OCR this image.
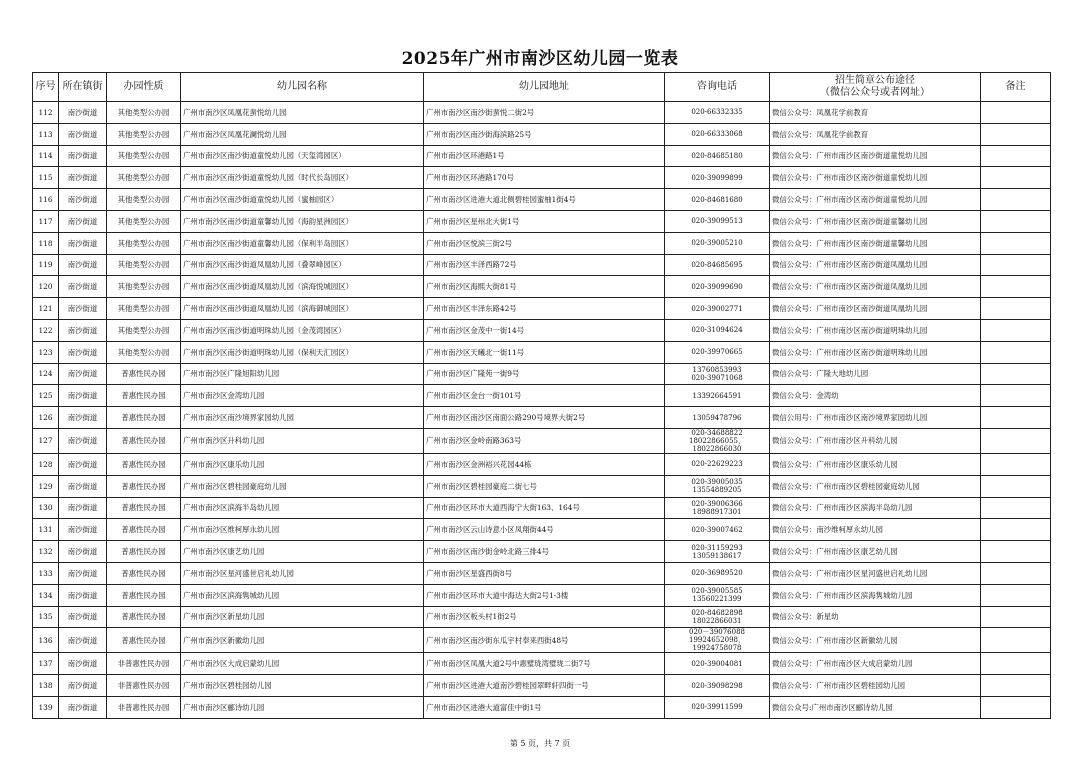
2025年广州市南沙区幼儿园一览表
序号	所在镇街	办园性质	幼儿园名称	幼儿园地址	咨询电话	招生简章公布途径
（微信公众号或者网址）	备注
112	南沙街道	其他类型公办园	广州市南沙区凤凰花蜚悦幼儿园	广州市南沙区南沙街蜚悦二街2号	020-66332335	微信公众号：凤凰花学前教育	
113	南沙街道	其他类型公办园	广州市南沙区凤凰花澜悦幼儿园	广州市南沙区南沙街海滨路25号	020-66333068	微信公众号：凤凰花学前教育	
114	南沙街道	其他类型公办园	广州市南沙区南沙街道童悦幼儿园（天玺湾园区）	广州市南沙区环港路1号	020-84685180	微信公众号：广州市南沙区南沙街道童悦幼儿园	
115	南沙街道	其他类型公办园	广州市南沙区南沙街道童悦幼儿园（时代长岛园区）	广州市南沙区环港路170号	020-39099899	微信公众号：广州市南沙区南沙街道童悦幼儿园	
116	南沙街道	其他类型公办园	广州市南沙区南沙街道童悦幼儿园（蜜柚园区）	广州市南沙区进港大道北侧碧桂园蜜柚1街4号	020-84681680	微信公众号：广州市南沙区南沙街道童悦幼儿园	
117	南沙街道	其他类型公办园	广州市南沙区南沙街道童馨幼儿园（海韵星洲园区）	广州市南沙区星州北大街1号	020-39099513	微信公众号：广州市南沙区南沙街道童馨幼儿园	
118	南沙街道	其他类型公办园	广州市南沙区南沙街道童馨幼儿园（保利半岛园区）	广州市南沙区悦滨三街2号	020-39005210	微信公众号：广州市南沙区南沙街道童馨幼儿园	
119	南沙街道	其他类型公办园	广州市南沙区南沙街道凤凰幼儿园（叠翠峰园区）	广州市南沙区丰泽西路72号	020-84685695	微信公众号：广州市南沙区南沙街道凤凰幼儿园	
120	南沙街道	其他类型公办园	广州市南沙区南沙街道凤凰幼儿园（滨海悦城园区）	广州市南沙区海熙大街81号	020-39099690	微信公众号：广州市南沙区南沙街道凤凰幼儿园	
121	南沙街道	其他类型公办园	广州市南沙区南沙街道凤凰幼儿园（滨海御城园区）	广州市南沙区丰泽东路42号	020-39002771	微信公众号：广州市南沙区南沙街道凤凰幼儿园	
122	南沙街道	其他类型公办园	广州市南沙区南沙街道明珠幼儿园（金茂湾园区）	广州市南沙区金茂中一街14号	020-31094624	微信公众号：广州市南沙区南沙街道明珠幼儿园	
123	南沙街道	其他类型公办园	广州市南沙区南沙街道明珠幼儿园（保利天汇园区）	广州市南沙区天曦北一街11号	020-39970665	微信公众号：广州市南沙区南沙街道明珠幼儿园	
124	南沙街道	普惠性民办园	广州市南沙区广隆旭阳幼儿园	广州市南沙区广隆苑一街9号	13760853993
020-39071068	微信公众号：广隆大地幼儿园	
125	南沙街道	普惠性民办园	广州市南沙区金湾幼儿园	广州市南沙区金台一街101号	13392664591	微信公众号：金湾幼	
126	南沙街道	普惠性民办园	广州市南沙区南沙境界家园幼儿园	广州市南沙区南沙区南面公路290号境界大街2号	13059478796	微信公用号：广州市南沙区南沙境界家园幼儿园	
127	南沙街道	普惠性民办园	广州市南沙区升科幼儿园	广州市南沙区金岭南路363号	020-34688822
18022866055，18022866030	微信公众号：广州市南沙区升科幼儿园	
128	南沙街道	普惠性民办园	广州市南沙区康乐幼儿园	广州市南沙区金洲裕兴花园44栋	020-22629223	微信公众号：广州市南沙区康乐幼儿园	
129	南沙街道	普惠性民办园	广州市南沙区碧桂园豪庭幼儿园	广州市南沙区碧桂园豪庭二街七号	020-39005035
13554889205	微信公众号：广州市南沙区碧桂园豪庭幼儿园	
130	南沙街道	普惠性民办园	广州市南沙区滨海半岛幼儿园	广州市南沙区环市大道西海宁大街163、164号	020-39006366
18988917301	微信公众号：广州市南沙区滨海半岛幼儿园	
131	南沙街道	普惠性民办园	广州市南沙区维柯厚永幼儿园	广州市南沙区云山诗意小区凤翔街44号	020-39007462	微信公众号：南沙维柯厚永幼儿园	
132	南沙街道	普惠性民办园	广州市南沙区康艺幼儿园	广州市南沙区南沙街金岭北路三排4号	020-31159293
13059138617	微信公众号：广州市南沙区康艺幼儿园	
133	南沙街道	普惠性民办园	广州市南沙区星河盛世启礼幼儿园	广州市南沙区星盛西街8号	020-36989520	微信公众号：广州市南沙区星河盛世启礼幼儿园	
134	南沙街道	普惠性民办园	广州市南沙区滨海隽城幼儿园	广州市南沙区环市大道中海达大街2号1-3楼	020-39005585
13560221399	微信公众号：广州市南沙区滨海隽城幼儿园	
135	南沙街道	普惠性民办园	广州市南沙区新星幼儿园	广州市南沙区板头村1街2号	020-84682898
18022866031	微信公众号：新星幼	
136	南沙街道	普惠性民办园	广州市南沙区新徽幼儿园	广州市南沙区南沙街东瓜宇村奉来西街48号	020－39076088
19924652098，19924758078	微信公众号：广州市南沙区新徽幼儿园	
137	南沙街道	非普惠性民办园	广州市南沙区大成启蒙幼儿园	广州市南沙区凤凰大道2号中惠璧珑湾璧珑二街7号	020-39004081	微信公众号：广州市南沙区大成启蒙幼儿园	
138	南沙街道	非普惠性民办园	广州市南沙区碧桂园幼儿园	广州市南沙区进港大道南沙碧桂园翠畔轩四街一号	020-39098298	微信公众号：广州市南沙区碧桂园幼儿园	
139	南沙街道	非普惠性民办园	广州市南沙区郦诗幼儿园	广州市南沙区进港大道富佳中街1号	020-39911599	微信公众号:广州市南沙区郦诗幼儿园	
第 5 页，共 7 页
